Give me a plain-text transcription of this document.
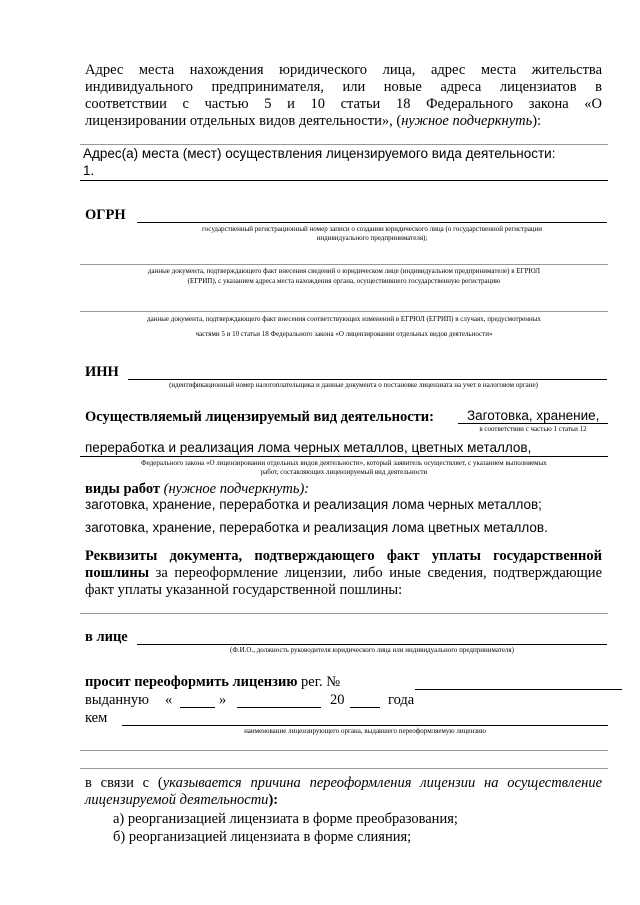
Адрес места нахождения юридического лица, адрес места жительства
индивидуального предпринимателя, или новые адреса лицензиатов в
соответствии с частью 5 и 10 статьи 18 Федерального закона «О
лицензировании отдельных видов деятельности», (нужное подчеркнуть):
Адрес(а) места (мест) осуществления лицензируемого вида деятельности:
1.
ОГРН
государственный регистрационный номер записи о создании юридического лица (о государственной регистрации
индивидуального предпринимателя);
данные документа, подтверждающего факт внесения сведений о юридическом лице (индивидуальном предпринимателе) в ЕГРЮЛ
(ЕГРИП), с указанием адреса места нахождения органа, осуществившего государственную регистрацию
данные документа, подтверждающего факт внесения соответствующих изменений в ЕГРЮЛ (ЕГРИП) в случаях, предусмотренных
частями 5 и 10 статьи 18 Федерального закона «О лицензировании отдельных видов деятельности»
ИНН
(идентификационный номер налогоплательщика и данные документа о постановке лицензиата на учет в налоговом органе)
Осуществляемый лицензируемый вид деятельности: Заготовка, хранение,
в соответствии с частью 1 статьи 12
переработка и реализация лома черных металлов, цветных металлов,
Федерального закона «О лицензировании отдельных видов деятельности», который заявитель осуществляет, с указанием выполняемых
работ, составляющих лицензируемый вид деятельности
виды работ (нужное подчеркнуть):
заготовка, хранение, переработка и реализация лома черных металлов;
заготовка, хранение, переработка и реализация лома цветных металлов.
Реквизиты документа, подтверждающего факт уплаты государственной
пошлины за переоформление лицензии, либо иные сведения, подтверждающие
факт уплаты указанной государственной пошлины:
в лице
(Ф.И.О., должность руководителя юридического лица или индивидуального предпринимателя)
просит переоформить лицензию рег. №
выданную «	»	20	года
кем
наименование лицензирующего органа, выдавшего переоформляемую лицензию
в связи с (указывается причина переоформления лицензии на осуществление
лицензируемой деятельности):
а) реорганизацией лицензиата в форме преобразования;
б) реорганизацией лицензиата в форме слияния;
